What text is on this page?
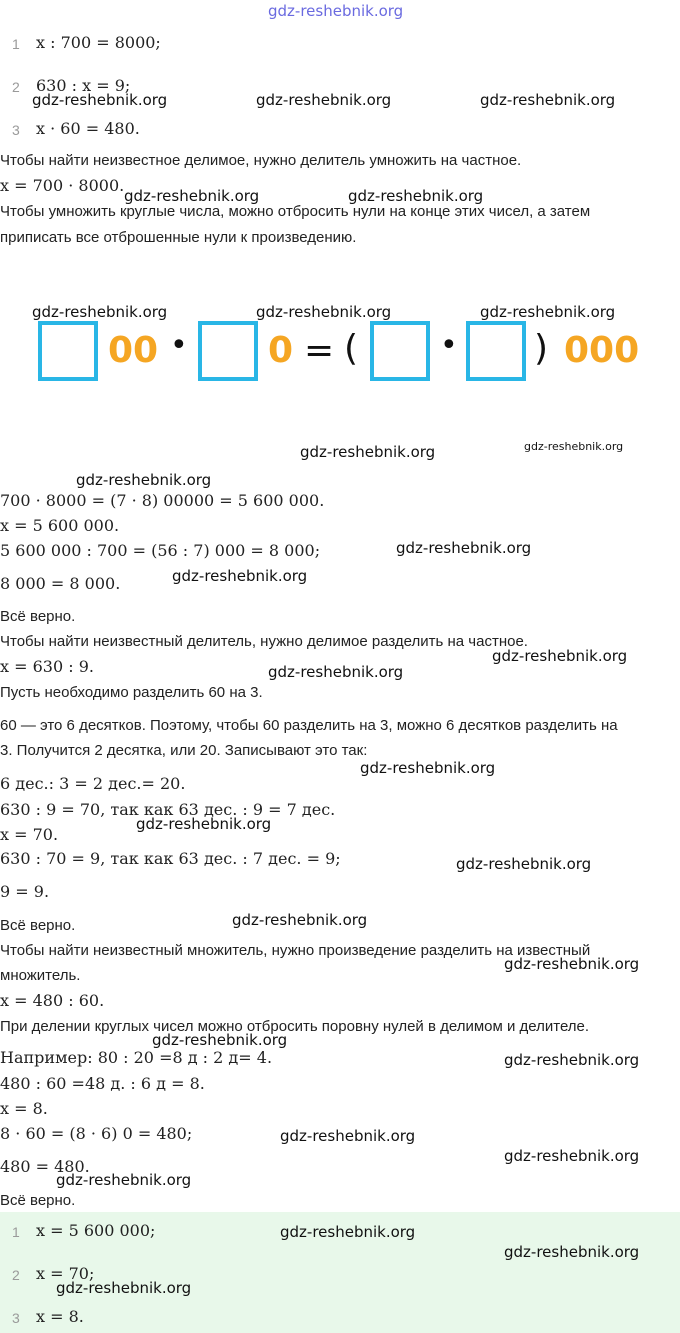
gdz-reshebnik.org
1 x : 700 = 8000;
2 630 : x = 9;
3 x · 60 = 480.
Чтобы найти неизвестное делимое, нужно делитель умножить на частное.
x = 700 · 8000.
Чтобы умножить круглые числа, можно отбросить нули на конце этих чисел, а затем
приписать все отброшенные нули к произведению.
00 • 0 = (	• ) 000
700 · 8000 = (7 · 8) 00000 = 5 600 000.
x = 5 600 000.
5 600 000 : 700 = (56 : 7) 000 = 8 000;
8 000 = 8 000.
Всё верно.
Чтобы найти неизвестный делитель, нужно делимое разделить на частное.
x = 630 : 9.
Пусть необходимо разделить 60 на 3.
60 — это 6 десятков. Поэтому, чтобы 60 разделить на 3, можно 6 десятков разделить на
3. Получится 2 десятка, или 20. Записывают это так:
6 дес.: 3 = 2 дес.= 20.
630 : 9 = 70, так как 63 дес. : 9 = 7 дес.
x = 70.
630 : 70 = 9, так как 63 дес. : 7 дес. = 9;
9 = 9.
Всё верно.
Чтобы найти неизвестный множитель, нужно произведение разделить на известный
множитель.
x = 480 : 60.
При делении круглых чисел можно отбросить поровну нулей в делимом и делителе.
Например: 80 : 20 =8 д : 2 д= 4.
480 : 60 =48 д. : 6 д = 8.
x = 8.
8 · 60 = (8 · 6) 0 = 480;
480 = 480.
Всё верно.
1 x = 5 600 000;
2 x = 70;
3 x = 8.
gdz-reshebnik.org	gdz-reshebnik.org	gdz-reshebnik.org
gdz-reshebnik.org	gdz-reshebnik.org
gdz-reshebnik.org	gdz-reshebnik.org	gdz-reshebnik.org
gdz-reshebnik.org	gdz-reshebnik.org
gdz-reshebnik.org
gdz-reshebnik.org
gdz-reshebnik.org
gdz-reshebnik.org
gdz-reshebnik.org
gdz-reshebnik.org
gdz-reshebnik.org
gdz-reshebnik.org
gdz-reshebnik.org
gdz-reshebnik.org
gdz-reshebnik.org
gdz-reshebnik.org
gdz-reshebnik.org
gdz-reshebnik.org
gdz-reshebnik.org
gdz-reshebnik.org
gdz-reshebnik.org
gdz-reshebnik.org
